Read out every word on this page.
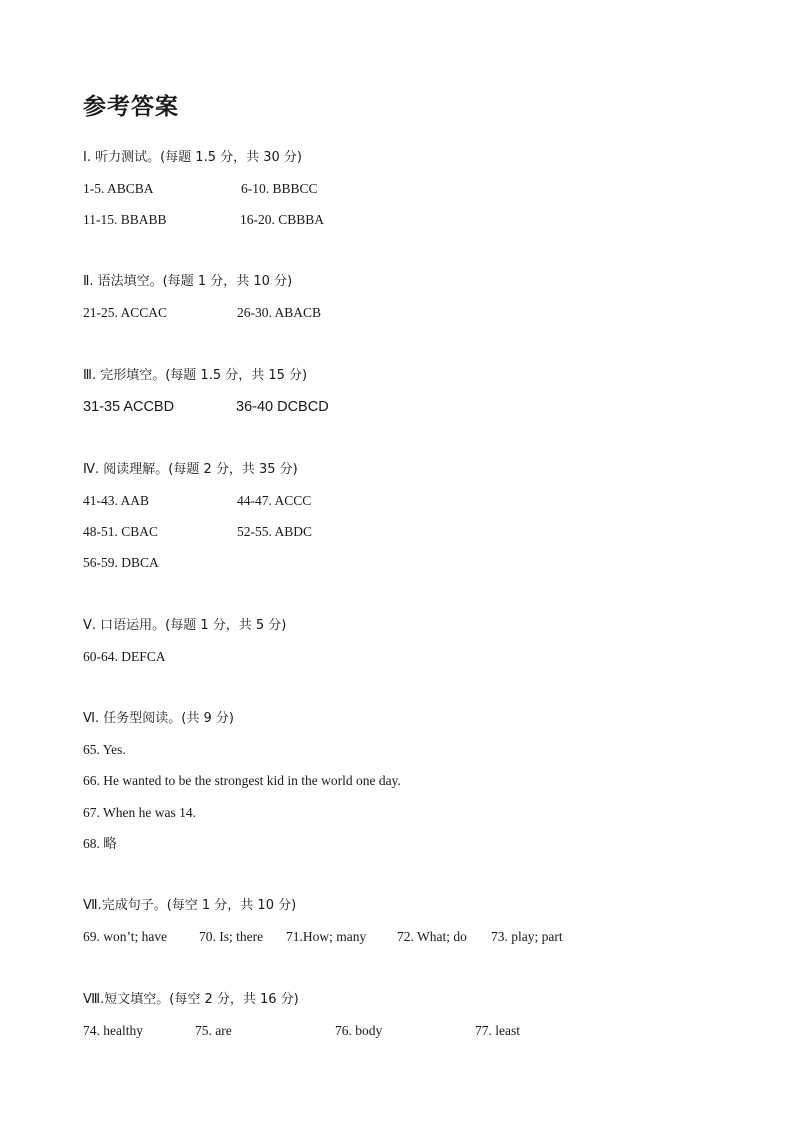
参考答案
Ⅰ. 听力测试。(每题 1.5 分，共 30 分)
1-5. ABCBA	6-10. BBBCC
11-15. BBABB	16-20. CBBBA
Ⅱ. 语法填空。(每题 1 分，共 10 分)
21-25. ACCAC	26-30. ABACB
Ⅲ. 完形填空。(每题 1.5 分，共 15 分)
31-35 ACCBD	36-40 DCBCD
Ⅳ. 阅读理解。(每题 2 分，共 35 分)
41-43. AAB	44-47. ACCC
48-51. CBAC	52-55. ABDC
56-59. DBCA
Ⅴ. 口语运用。(每题 1 分，共 5 分)
60-64. DEFCA
Ⅵ. 任务型阅读。(共 9 分)
65. Yes.
66. He wanted to be the strongest kid in the world one day.
67. When he was 14.
68. 略
Ⅶ.完成句子。(每空 1 分，共 10 分)
69. won’t; have 70. Is; there 71.How; many 72. What; do 73. play; part
Ⅷ.短文填空。(每空 2 分，共 16 分)
74. healthy	75. are	76. body	77. least
